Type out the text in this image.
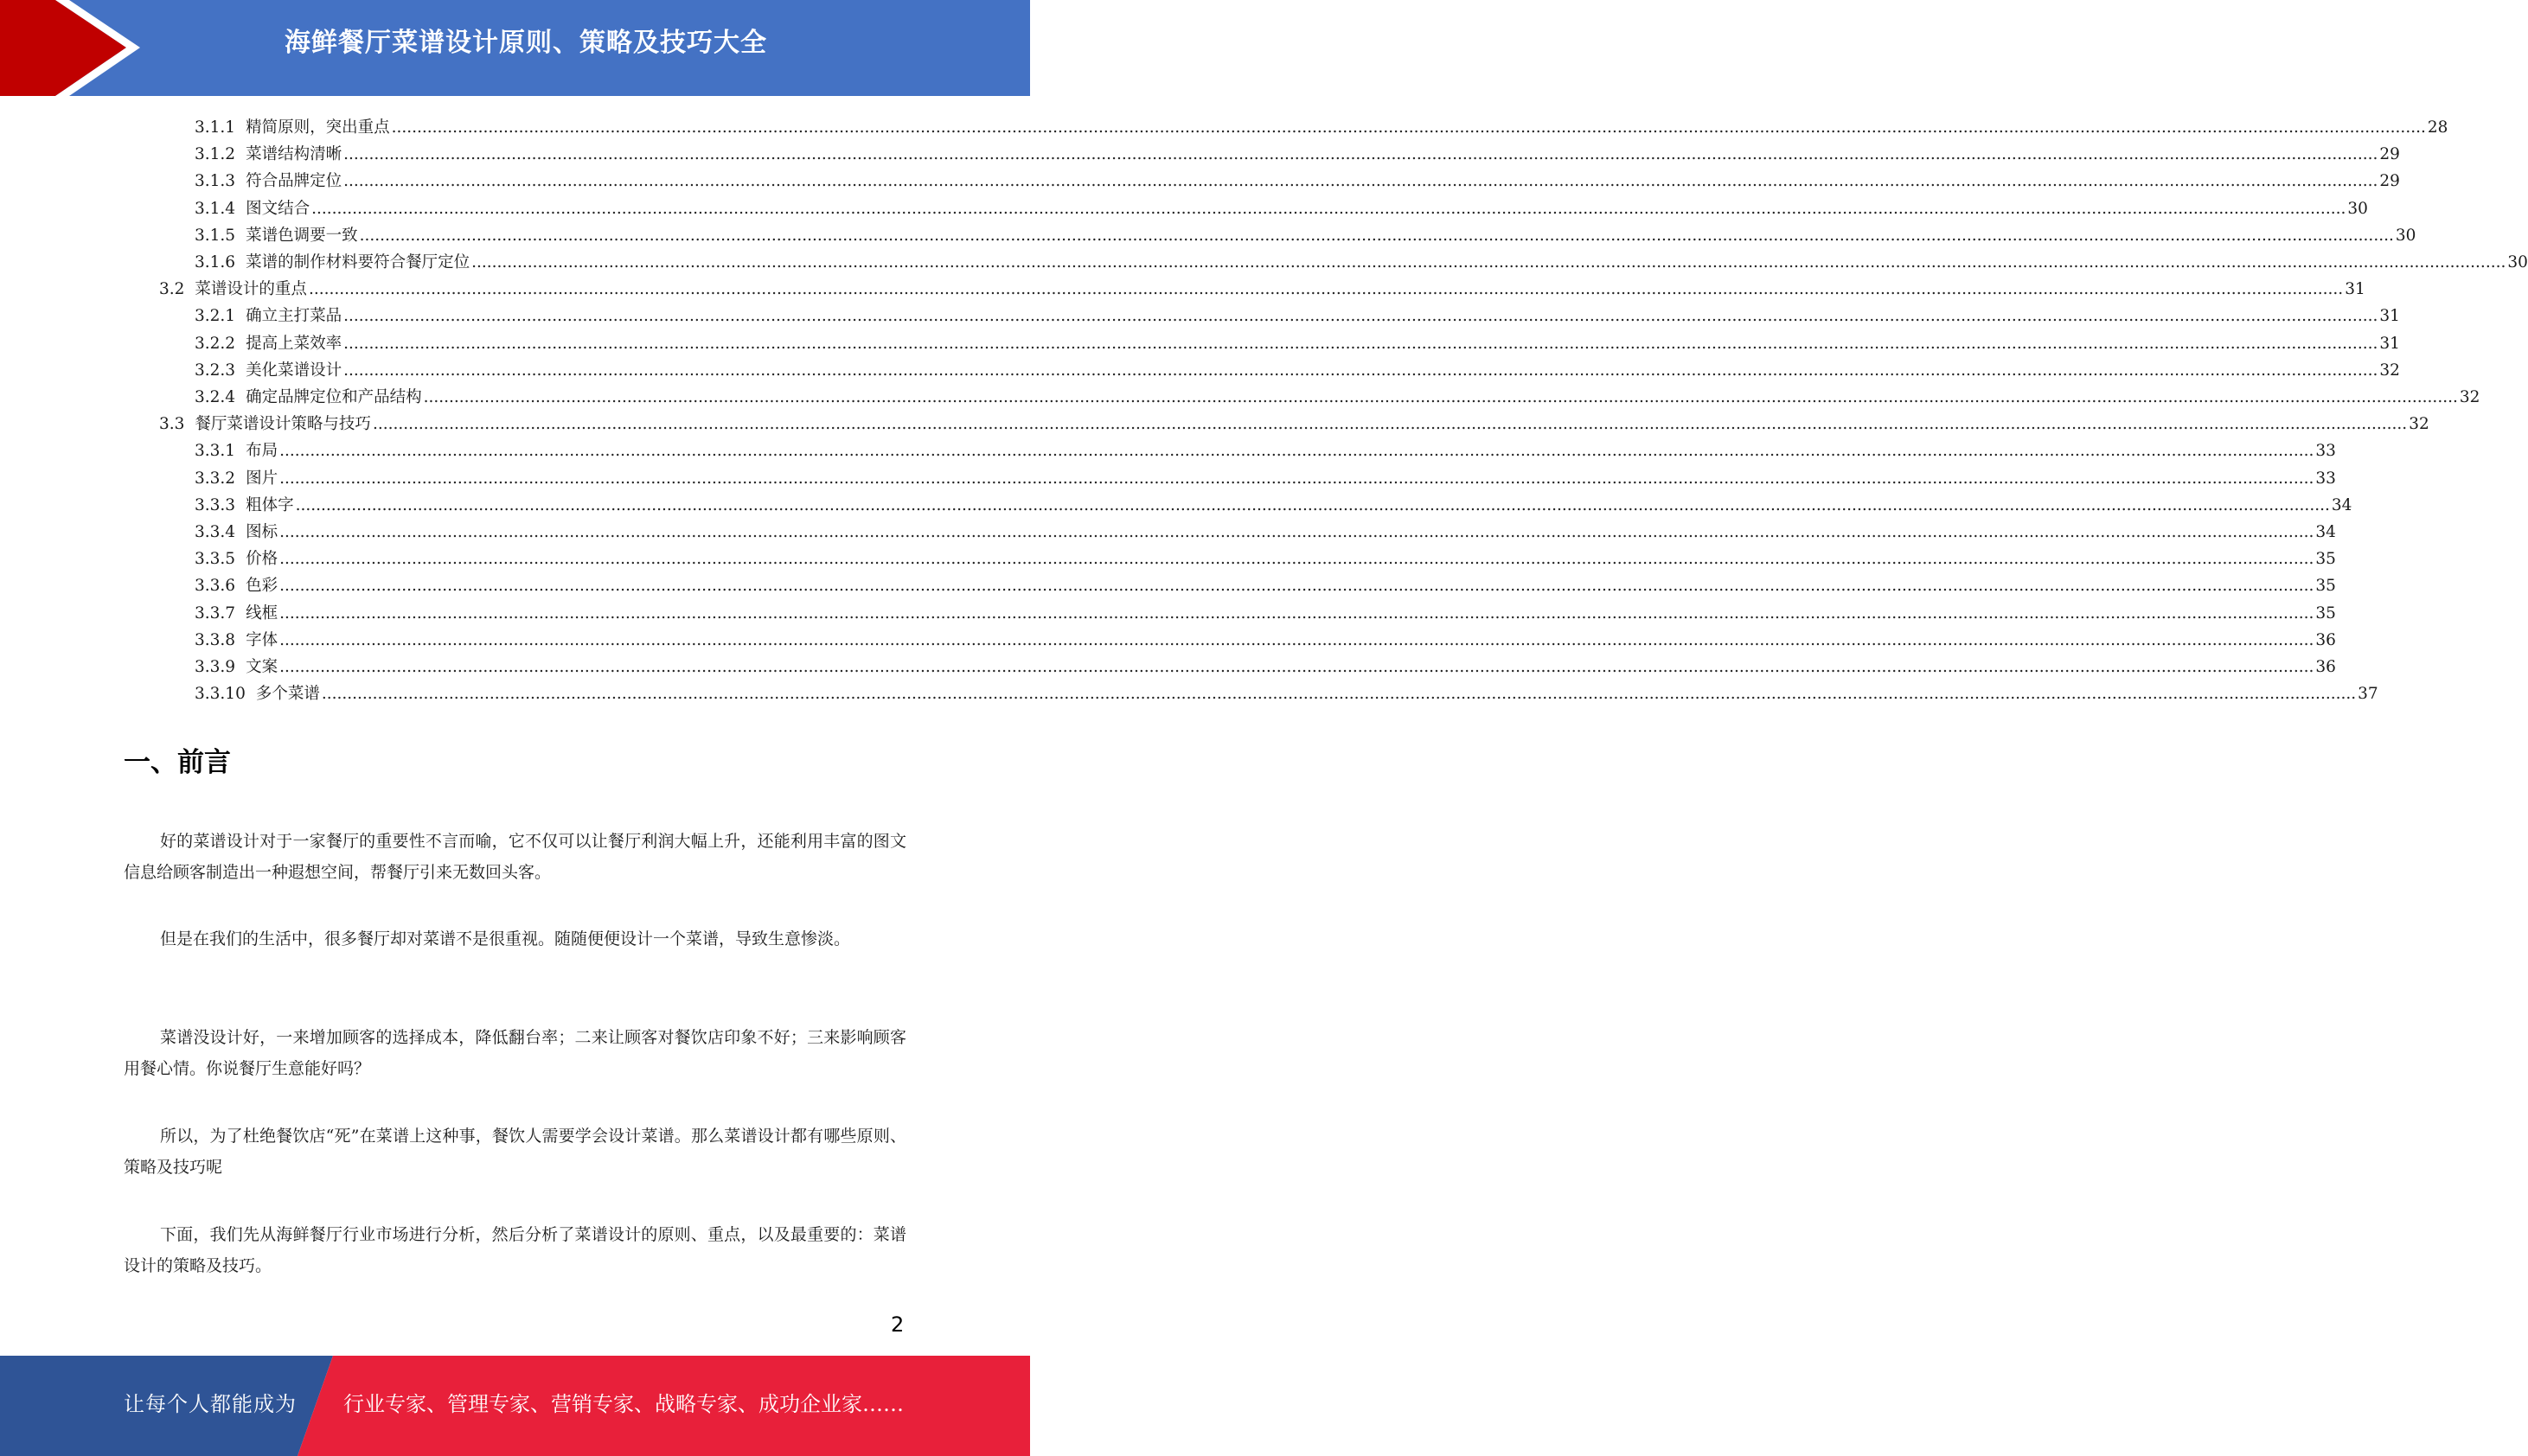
海鲜餐厅菜谱设计原则、策略及技巧大全
3.1.1 精简原则，突出重点 ................................................................................................................................................................................................................................................................................................................................................................................................................ 28
3.1.2 菜谱结构清晰 ................................................................................................................................................................................................................................................................................................................................................................................................................ 29
3.1.3 符合品牌定位 ................................................................................................................................................................................................................................................................................................................................................................................................................ 29
3.1.4 图文结合 ................................................................................................................................................................................................................................................................................................................................................................................................................ 30
3.1.5 菜谱色调要一致 ................................................................................................................................................................................................................................................................................................................................................................................................................ 30
3.1.6 菜谱的制作材料要符合餐厅定位 ................................................................................................................................................................................................................................................................................................................................................................................................................ 30
3.2 菜谱设计的重点 ................................................................................................................................................................................................................................................................................................................................................................................................................ 31
3.2.1 确立主打菜品 ................................................................................................................................................................................................................................................................................................................................................................................................................ 31
3.2.2 提高上菜效率 ................................................................................................................................................................................................................................................................................................................................................................................................................ 31
3.2.3 美化菜谱设计 ................................................................................................................................................................................................................................................................................................................................................................................................................ 32
3.2.4 确定品牌定位和产品结构 ................................................................................................................................................................................................................................................................................................................................................................................................................ 32
3.3 餐厅菜谱设计策略与技巧 ................................................................................................................................................................................................................................................................................................................................................................................................................ 32
3.3.1 布局 ................................................................................................................................................................................................................................................................................................................................................................................................................ 33
3.3.2 图片 ................................................................................................................................................................................................................................................................................................................................................................................................................ 33
3.3.3 粗体字 ................................................................................................................................................................................................................................................................................................................................................................................................................ 34
3.3.4 图标 ................................................................................................................................................................................................................................................................................................................................................................................................................ 34
3.3.5 价格 ................................................................................................................................................................................................................................................................................................................................................................................................................ 35
3.3.6 色彩 ................................................................................................................................................................................................................................................................................................................................................................................................................ 35
3.3.7 线框 ................................................................................................................................................................................................................................................................................................................................................................................................................ 35
3.3.8 字体 ................................................................................................................................................................................................................................................................................................................................................................................................................ 36
3.3.9 文案 ................................................................................................................................................................................................................................................................................................................................................................................................................ 36
3.3.10 多个菜谱 ................................................................................................................................................................................................................................................................................................................................................................................................................ 37
一、前言

好的菜谱设计对于一家餐厅的重要性不言而喻，它不仅可以让餐厅利润大幅上升，还能利用丰富的图文信息给顾客制造出一种遐想空间，帮餐厅引来无数回头客。

但是在我们的生活中，很多餐厅却对菜谱不是很重视。随随便便设计一个菜谱，导致生意惨淡。

菜谱没设计好，一来增加顾客的选择成本，降低翻台率；二来让顾客对餐饮店印象不好；三来影响顾客用餐心情。你说餐厅生意能好吗？

所以，为了杜绝餐饮店“死”在菜谱上这种事，餐饮人需要学会设计菜谱。那么菜谱设计都有哪些原则、策略及技巧呢

下面，我们先从海鲜餐厅行业市场进行分析，然后分析了菜谱设计的原则、重点，以及最重要的：菜谱设计的策略及技巧。

2
让每个人都能成为 行业专家、管理专家、营销专家、战略专家、成功企业家……
